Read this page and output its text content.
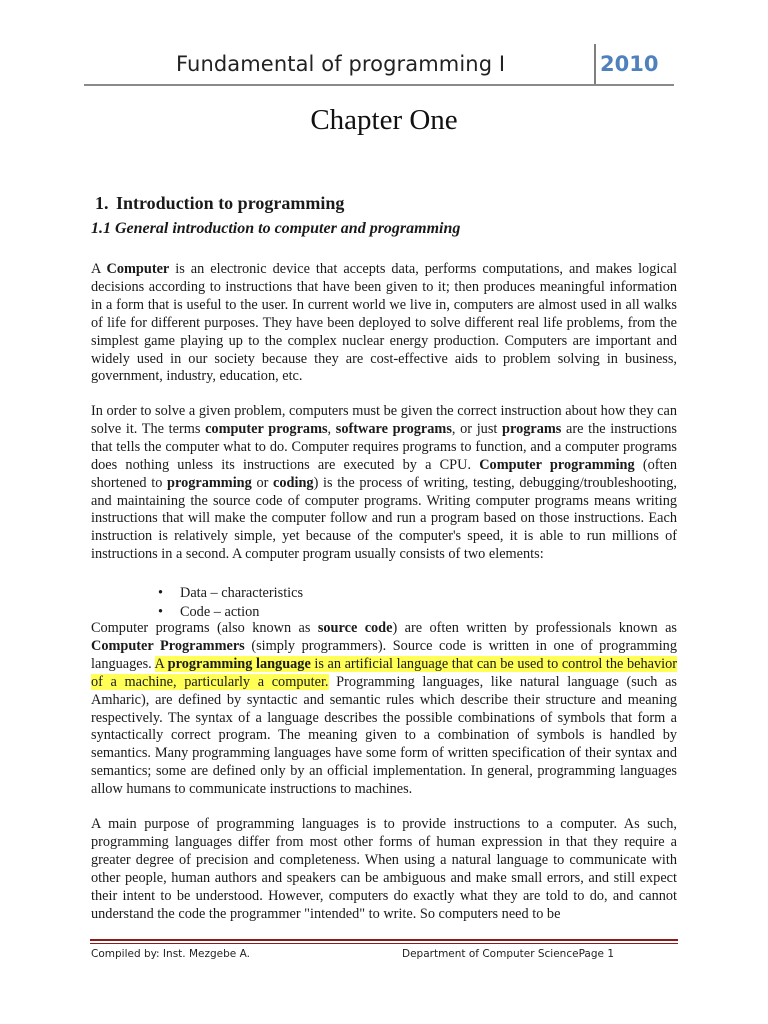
Fundamental of programming I	2010
Chapter One
1. Introduction to programming
1.1 General introduction to computer and programming
A Computer is an electronic device that accepts data, performs computations, and makes logical decisions according to instructions that have been given to it; then produces meaningful information in a form that is useful to the user. In current world we live in, computers are almost used in all walks of life for different purposes. They have been deployed to solve different real life problems, from the simplest game playing up to the complex nuclear energy production. Computers are important and widely used in our society because they are cost-effective aids to problem solving in business, government, industry, education, etc.
In order to solve a given problem, computers must be given the correct instruction about how they can solve it. The terms computer programs, software programs, or just programs are the instructions that tells the computer what to do. Computer requires programs to function, and a computer programs does nothing unless its instructions are executed by a CPU. Computer programming (often shortened to programming or coding) is the process of writing, testing, debugging/troubleshooting, and maintaining the source code of computer programs. Writing computer programs means writing instructions that will make the computer follow and run a program based on those instructions. Each instruction is relatively simple, yet because of the computer's speed, it is able to run millions of instructions in a second. A computer program usually consists of two elements:
• Data – characteristics
• Code – action
Computer programs (also known as source code) are often written by professionals known as Computer Programmers (simply programmers). Source code is written in one of programming languages. A programming language is an artificial language that can be used to control the behavior of a machine, particularly a computer. Programming languages, like natural language (such as Amharic), are defined by syntactic and semantic rules which describe their structure and meaning respectively. The syntax of a language describes the possible combinations of symbols that form a syntactically correct program. The meaning given to a combination of symbols is handled by semantics. Many programming languages have some form of written specification of their syntax and semantics; some are defined only by an official implementation. In general, programming languages allow humans to communicate instructions to machines.
A main purpose of programming languages is to provide instructions to a computer. As such, programming languages differ from most other forms of human expression in that they require a greater degree of precision and completeness. When using a natural language to communicate with other people, human authors and speakers can be ambiguous and make small errors, and still expect their intent to be understood. However, computers do exactly what they are told to do, and cannot understand the code the programmer "intended" to write. So computers need to be
Compiled by: Inst. Mezgebe A.	Department of Computer SciencePage 1
